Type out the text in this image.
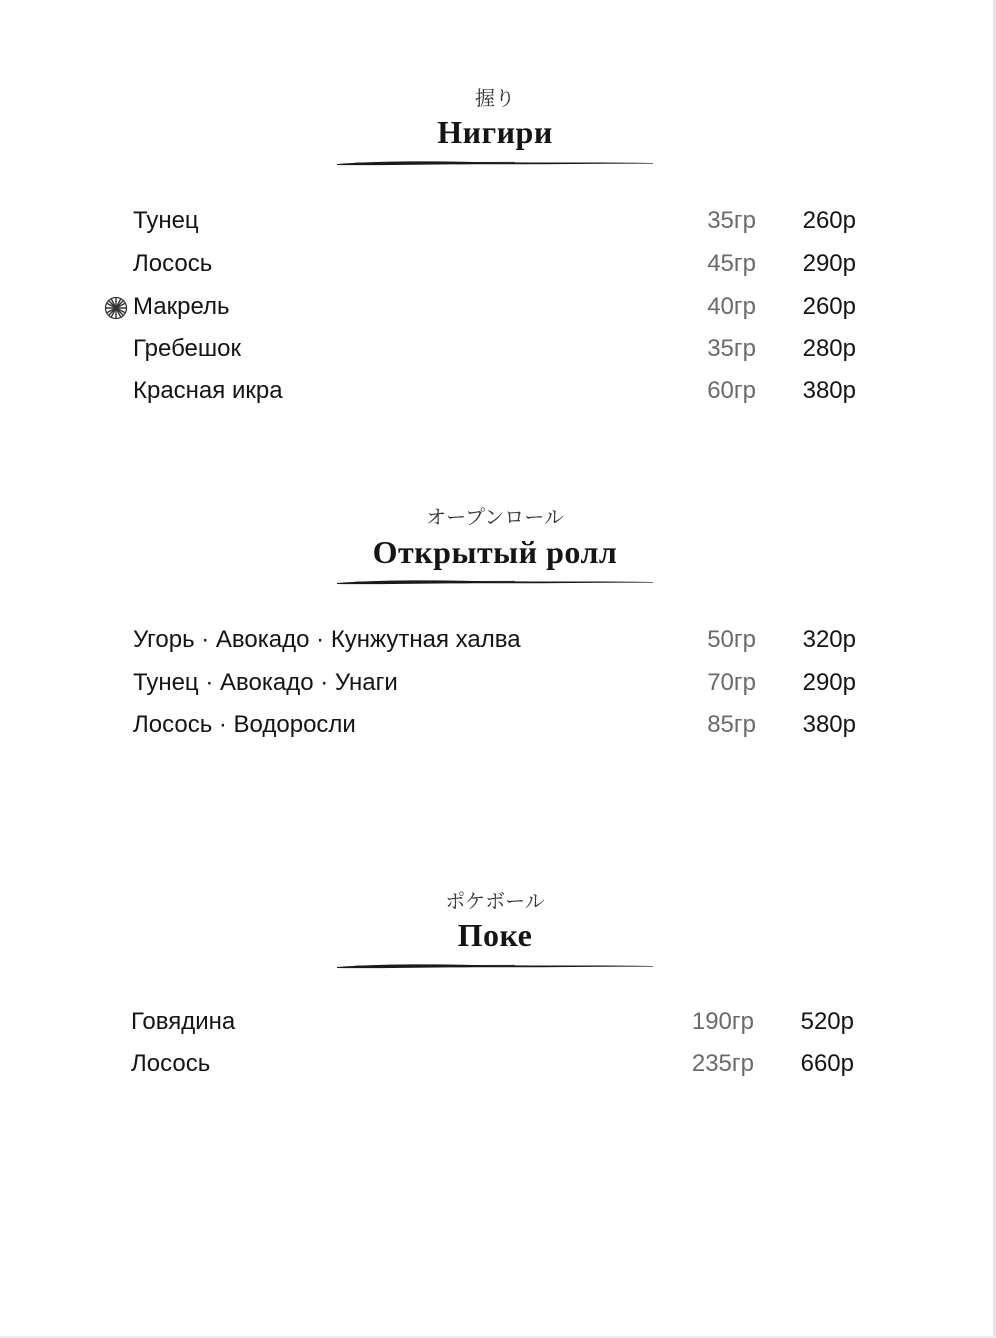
握り
Нигири
Тунец	35гр	260р
Лосось	45гр	290р
Макрель	40гр	260р
Гребешок	35гр	280р
Красная икра	60гр	380р
オープンロール
Открытый ролл
Угорь · Авокадо · Кунжутная халва	50гр	320р
Тунец · Авокадо · Унаги	70гр	290р
Лосось · Водоросли	85гр	380р
ポケボール
Поке
Говядина	190гр	520р
Лосось	235гр	660р
